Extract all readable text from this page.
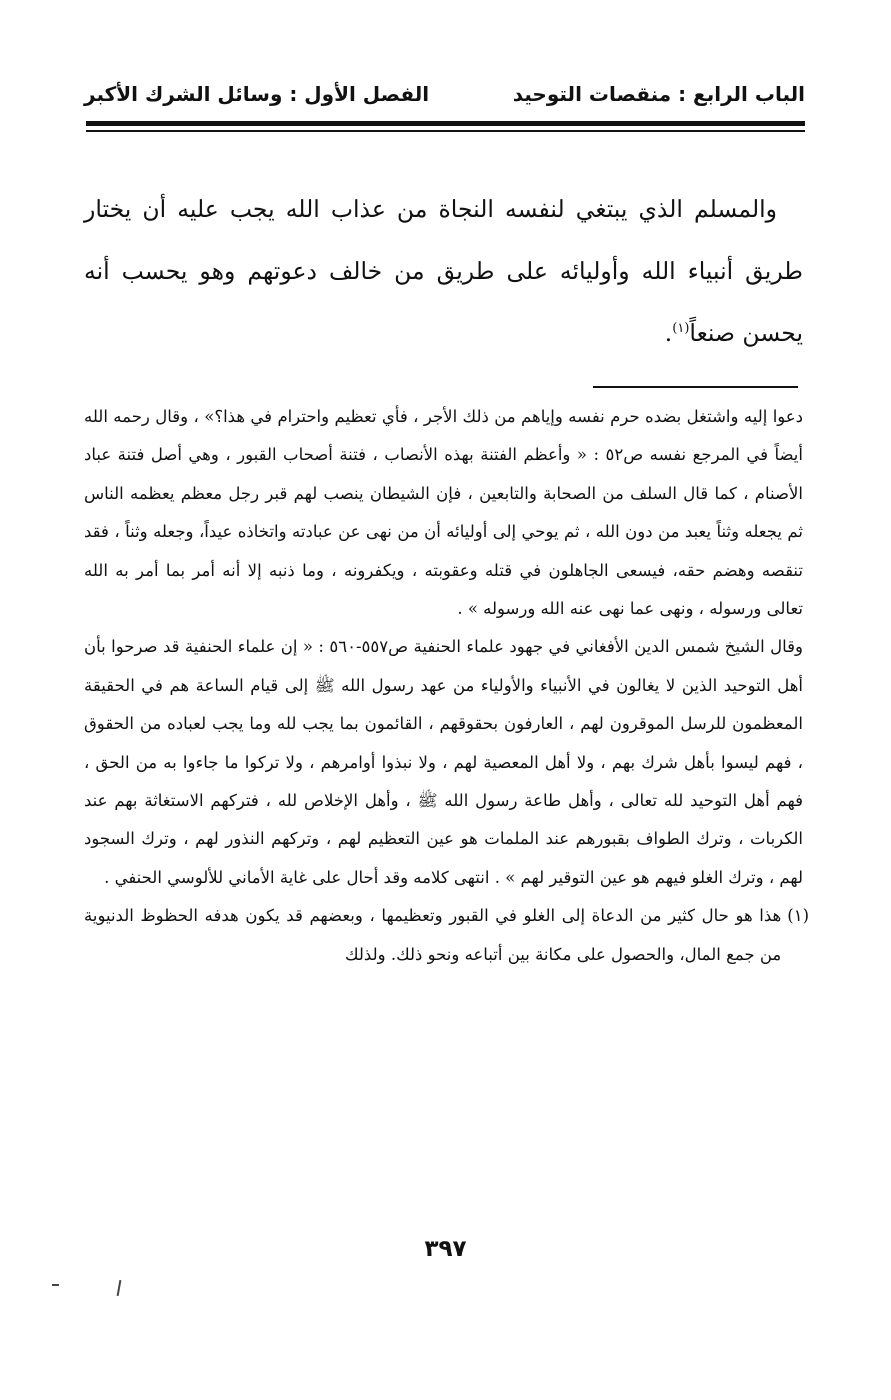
الباب الرابع : منقصات التوحيد
الفصل الأول : وسائل الشرك الأكبر

والمسلم الذي يبتغي لنفسه النجاة من عذاب الله يجب عليه أن يختار طريق أنبياء الله وأوليائه على طريق من خالف دعوتهم وهو يحسب أنه يحسن صنعاً$^{(١)}$.

دعوا إليه واشتغل بضده حرم نفسه وإياهم من ذلك الأجر ، فأي تعظيم واحترام في هذا؟» ، وقال رحمه الله أيضاً في المرجع نفسه ص٥٢ : « وأعظم الفتنة بهذه الأنصاب ، فتنة أصحاب القبور ، وهي أصل فتنة عباد الأصنام ، كما قال السلف من الصحابة والتابعين ، فإن الشيطان ينصب لهم قبر رجل معظم يعظمه الناس ثم يجعله وثناً يعبد من دون الله ، ثم يوحي إلى أوليائه أن من نهى عن عبادته واتخاذه عيداً، وجعله وثناً ، فقد تنقصه وهضم حقه، فيسعى الجاهلون في قتله وعقوبته ، ويكفرونه ، وما ذنبه إلا أنه أمر بما أمر به الله تعالى ورسوله ، ونهى عما نهى عنه الله ورسوله » .

وقال الشيخ شمس الدين الأفغاني في جهود علماء الحنفية ص٥٥٧-٥٦٠ : « إن علماء الحنفية قد صرحوا بأن أهل التوحيد الذين لا يغالون في الأنبياء والأولياء من عهد رسول الله ﷺ إلى قيام الساعة هم في الحقيقة المعظمون للرسل الموقرون لهم ، العارفون بحقوقهم ، القائمون بما يجب لله وما يجب لعباده من الحقوق ، فهم ليسوا بأهل شرك بهم ، ولا أهل المعصية لهم ، ولا نبذوا أوامرهم ، ولا تركوا ما جاءوا به من الحق ، فهم أهل التوحيد لله تعالى ، وأهل طاعة رسول الله ﷺ ، وأهل الإخلاص لله ، فتركهم الاستغاثة بهم عند الكربات ، وترك الطواف بقبورهم عند الملمات هو عين التعظيم لهم ، وتركهم النذور لهم ، وترك السجود لهم ، وترك الغلو فيهم هو عين التوقير لهم » . انتهى كلامه وقد أحال على غاية الأماني للألوسي الحنفي .

(١)
هذا هو حال كثير من الدعاة إلى الغلو في القبور وتعظيمها ، وبعضهم قد يكون هدفه الحظوظ الدنيوية من جمع المال، والحصول على مكانة بين أتباعه ونحو ذلك. ولذلك
٣٩٧
